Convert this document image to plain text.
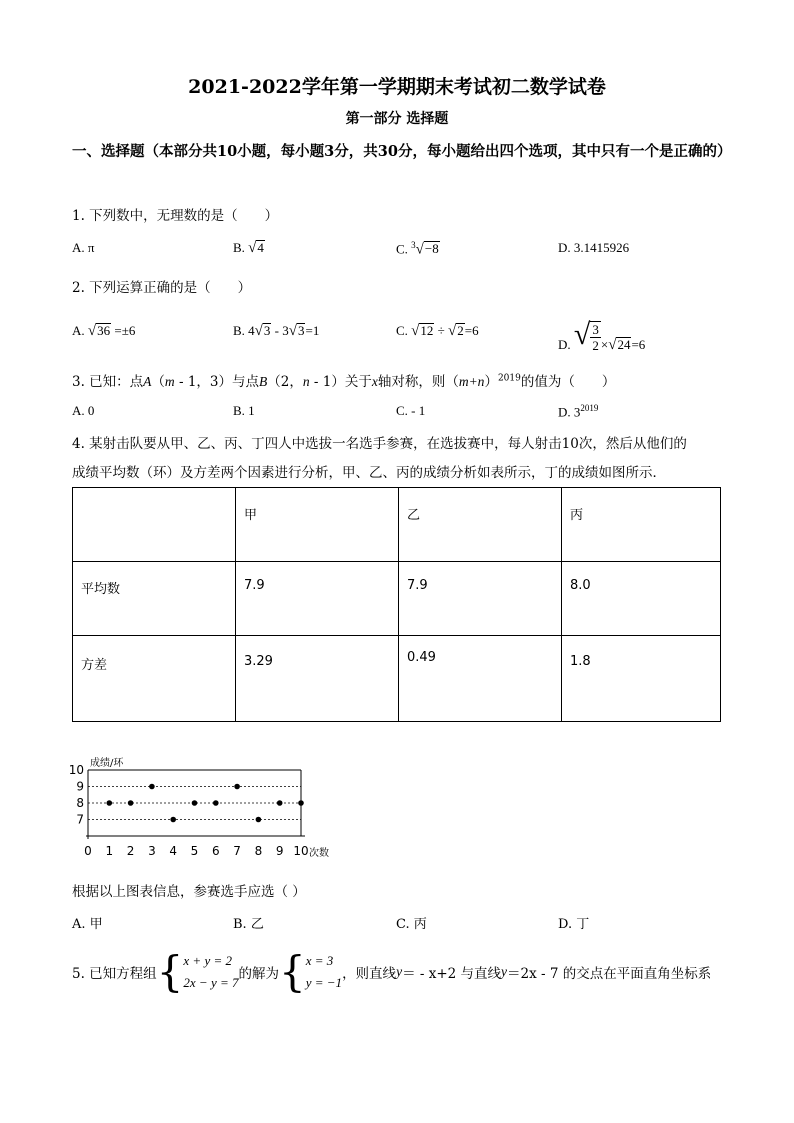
2021-2022学年第一学期期末考试初二数学试卷
第一部分 选择题
一、选择题（本部分共10小题，每小题3分，共30分，每小题给出四个选项，其中只有一个是正确的）
1. 下列数中，无理数的是（　　）
A. π	B. √4	C. $^3$√−8	D. 3.1415926
2. 下列运算正确的是（　　）
A. √36 =±6	B. 4√3 - 3√3=1	C. √12 ÷ √2=6
D. √ $\frac{3}{2} \times√24=6$
3. 已知：点A（m - 1，3）与点B（2，n - 1）关于x轴对称，则$(m+n)^{2019}$的值为（　　）
A. 0	B. 1	C. - 1	D. $3^{2019}$
4. 某射击队要从甲、乙、丙、丁四人中选拔一名选手参赛，在选拔赛中，每人射击10次，然后从他们的
成绩平均数（环）及方差两个因素进行分析，甲、乙、丙的成绩分析如表所示，丁的成绩如图所示．
	甲	乙	丙
平均数	7.9	7.9	8.0
方差	3.29	0.49	1.8
7
8
9
10
0 1 2 3 4 5 6 7 8 9 10
成绩/环
次数
根据以上图表信息，参赛选手应选（ ）
A. 甲	B. 乙	C. 丙	D. 丁
5. 已知方程组 { x + y = 2
2x − y = 7
的解为 { x = 3
y = −1
，则直线 y ＝ - x+2 与直线 y ＝2x - 7 的交点在平面直角坐标系
